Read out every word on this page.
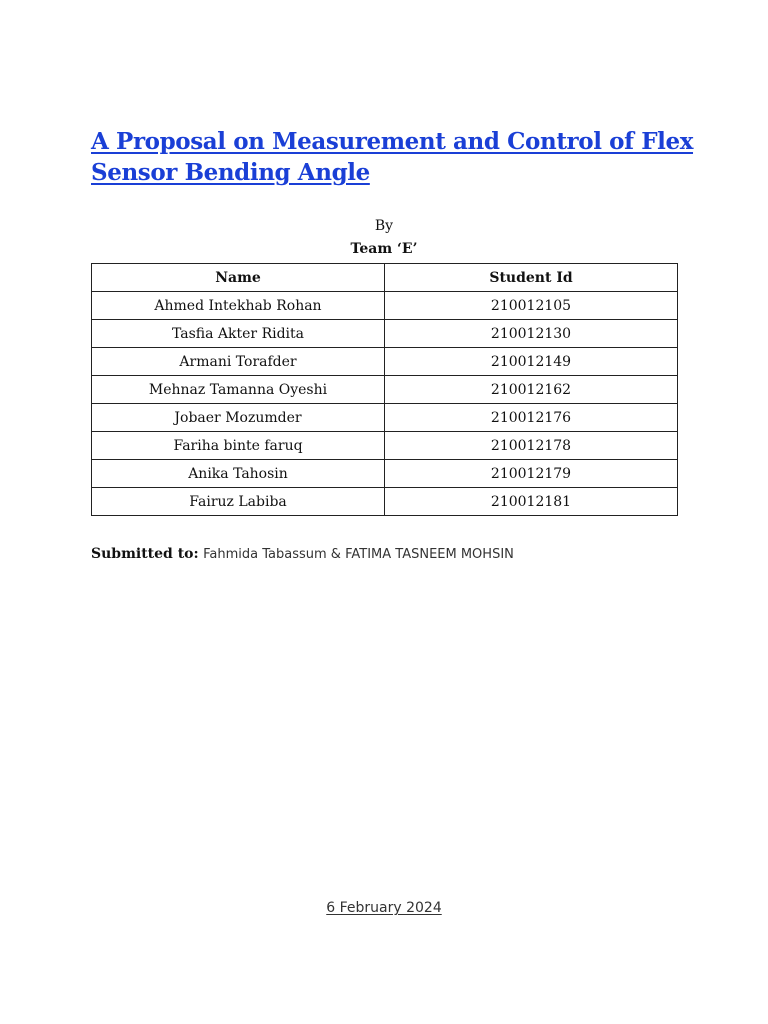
A Proposal on Measurement and Control of Flex
Sensor Bending Angle
By
Team ‘E’
Name	Student Id
Ahmed Intekhab Rohan	210012105
Tasfia Akter Ridita	210012130
Armani Torafder	210012149
Mehnaz Tamanna Oyeshi	210012162
Jobaer Mozumder	210012176
Fariha binte faruq	210012178
Anika Tahosin	210012179
Fairuz Labiba	210012181
Submitted to: Fahmida Tabassum & FATIMA TASNEEM MOHSIN
6 February 2024
